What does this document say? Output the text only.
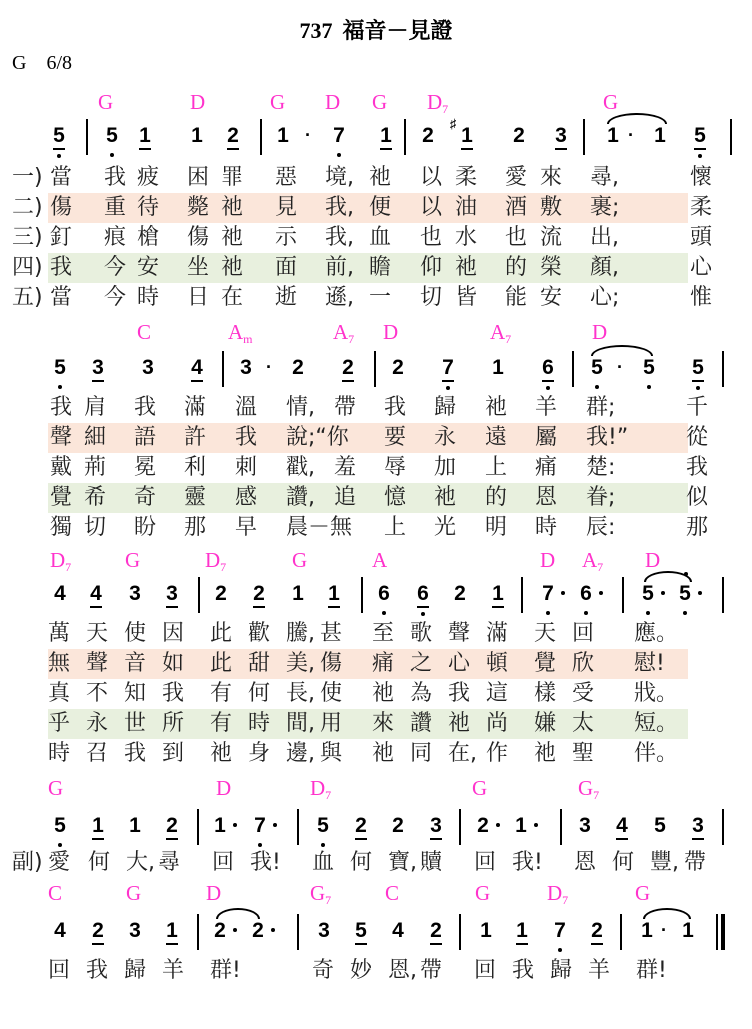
737 福音－見證
G 6/8
G	D	G D G $D_7$	G
5 5 1 1 2 1 7 1 2 1
♯
2 3 1 1 5
·	·
一) 當 我 疲 困 罪 惡 境, 祂 以 柔 愛 來 尋,	懷
二) 傷 重 待 斃 祂 見 我, 便 以 油 酒 敷 裹;	柔
三) 釘 痕 槍 傷 祂 示 我, 血 也 水 也 流 出,	頭
四) 我 今 安 坐 祂 面 前, 瞻 仰 祂 的 榮 顏,	心
五) 當 今 時 日 在 逝 遜, 一 切 皆 能 安 心;	惟
C	$A_m$	$A_7$ D	$A_7$	D
5 3 3 4 3 2 2 2 7 1 6 5 5 5
·	·
我 肩 我 滿 溫 情, 帶 我 歸 祂 羊 群;	千
聲 細 語 許 我 說;“你 要 永 遠 屬 我!”	從
戴 荊 冕 利 刺 戳, 羞 辱 加 上 痛 楚:	我
覺 希 奇 靈 感 讚, 追 憶 祂 的 恩 眷;	似
獨 切 盼 那 早 晨－無 上 光 明 時 辰:	那
$D_7$	G	$D_7$	G	A	D $A_7$ D
4 4 3 3 2 2 1 1 6 6 2 1 7 6 5 5
萬 天 使 因 此 歡 騰, 甚 至 歌 聲 滿 天 回 應。
無 聲 音 如 此 甜 美, 傷 痛 之 心 頓 覺 欣 慰!
真 不 知 我 有 何 長, 使 祂 為 我 這 樣 受 戕。
乎 永 世 所 有 時 間, 用 來 讚 祂 尚 嫌 太 短。
時 召 我 到 祂 身 邊, 與 祂 同 在, 作 祂 聖 伴。
G	D	$D_7$	G	$G_7$
5 1 1 2 1 7 5 2 2 3 2 1 3 4 5 3
副) 愛 何 大, 尋 回 我! 血 何 寶, 贖 回 我! 恩 何 豐, 帶
C	G	D	$G_7$	C	G	$D_7$	G
4 2 3 1 2 2	3 5 4 2 1 1 7 2 1 1
·
回 我 歸 羊 群!	奇 妙 恩, 帶 回 我 歸 羊 群!
